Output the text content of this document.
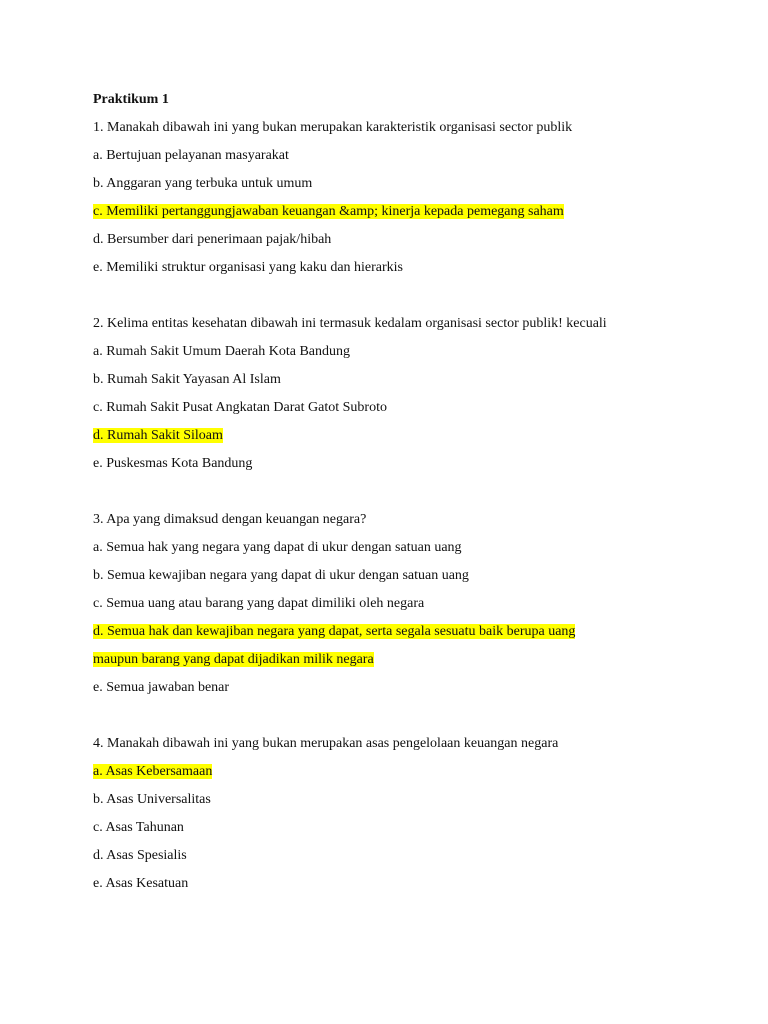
Praktikum 1
1. Manakah dibawah ini yang bukan merupakan karakteristik organisasi sector publik
a. Bertujuan pelayanan masyarakat
b. Anggaran yang terbuka untuk umum
c. Memiliki pertanggungjawaban keuangan &amp; kinerja kepada pemegang saham
d. Bersumber dari penerimaan pajak/hibah
e. Memiliki struktur organisasi yang kaku dan hierarkis
2. Kelima entitas kesehatan dibawah ini termasuk kedalam organisasi sector publik! kecuali
a. Rumah Sakit Umum Daerah Kota Bandung
b. Rumah Sakit Yayasan Al Islam
c. Rumah Sakit Pusat Angkatan Darat Gatot Subroto
d. Rumah Sakit Siloam
e. Puskesmas Kota Bandung
3. Apa yang dimaksud dengan keuangan negara?
a. Semua hak yang negara yang dapat di ukur dengan satuan uang
b. Semua kewajiban negara yang dapat di ukur dengan satuan uang
c. Semua uang atau barang yang dapat dimiliki oleh negara
d. Semua hak dan kewajiban negara yang dapat, serta segala sesuatu baik berupa uang
maupun barang yang dapat dijadikan milik negara
e. Semua jawaban benar
4. Manakah dibawah ini yang bukan merupakan asas pengelolaan keuangan negara
a. Asas Kebersamaan
b. Asas Universalitas
c. Asas Tahunan
d. Asas Spesialis
e. Asas Kesatuan
